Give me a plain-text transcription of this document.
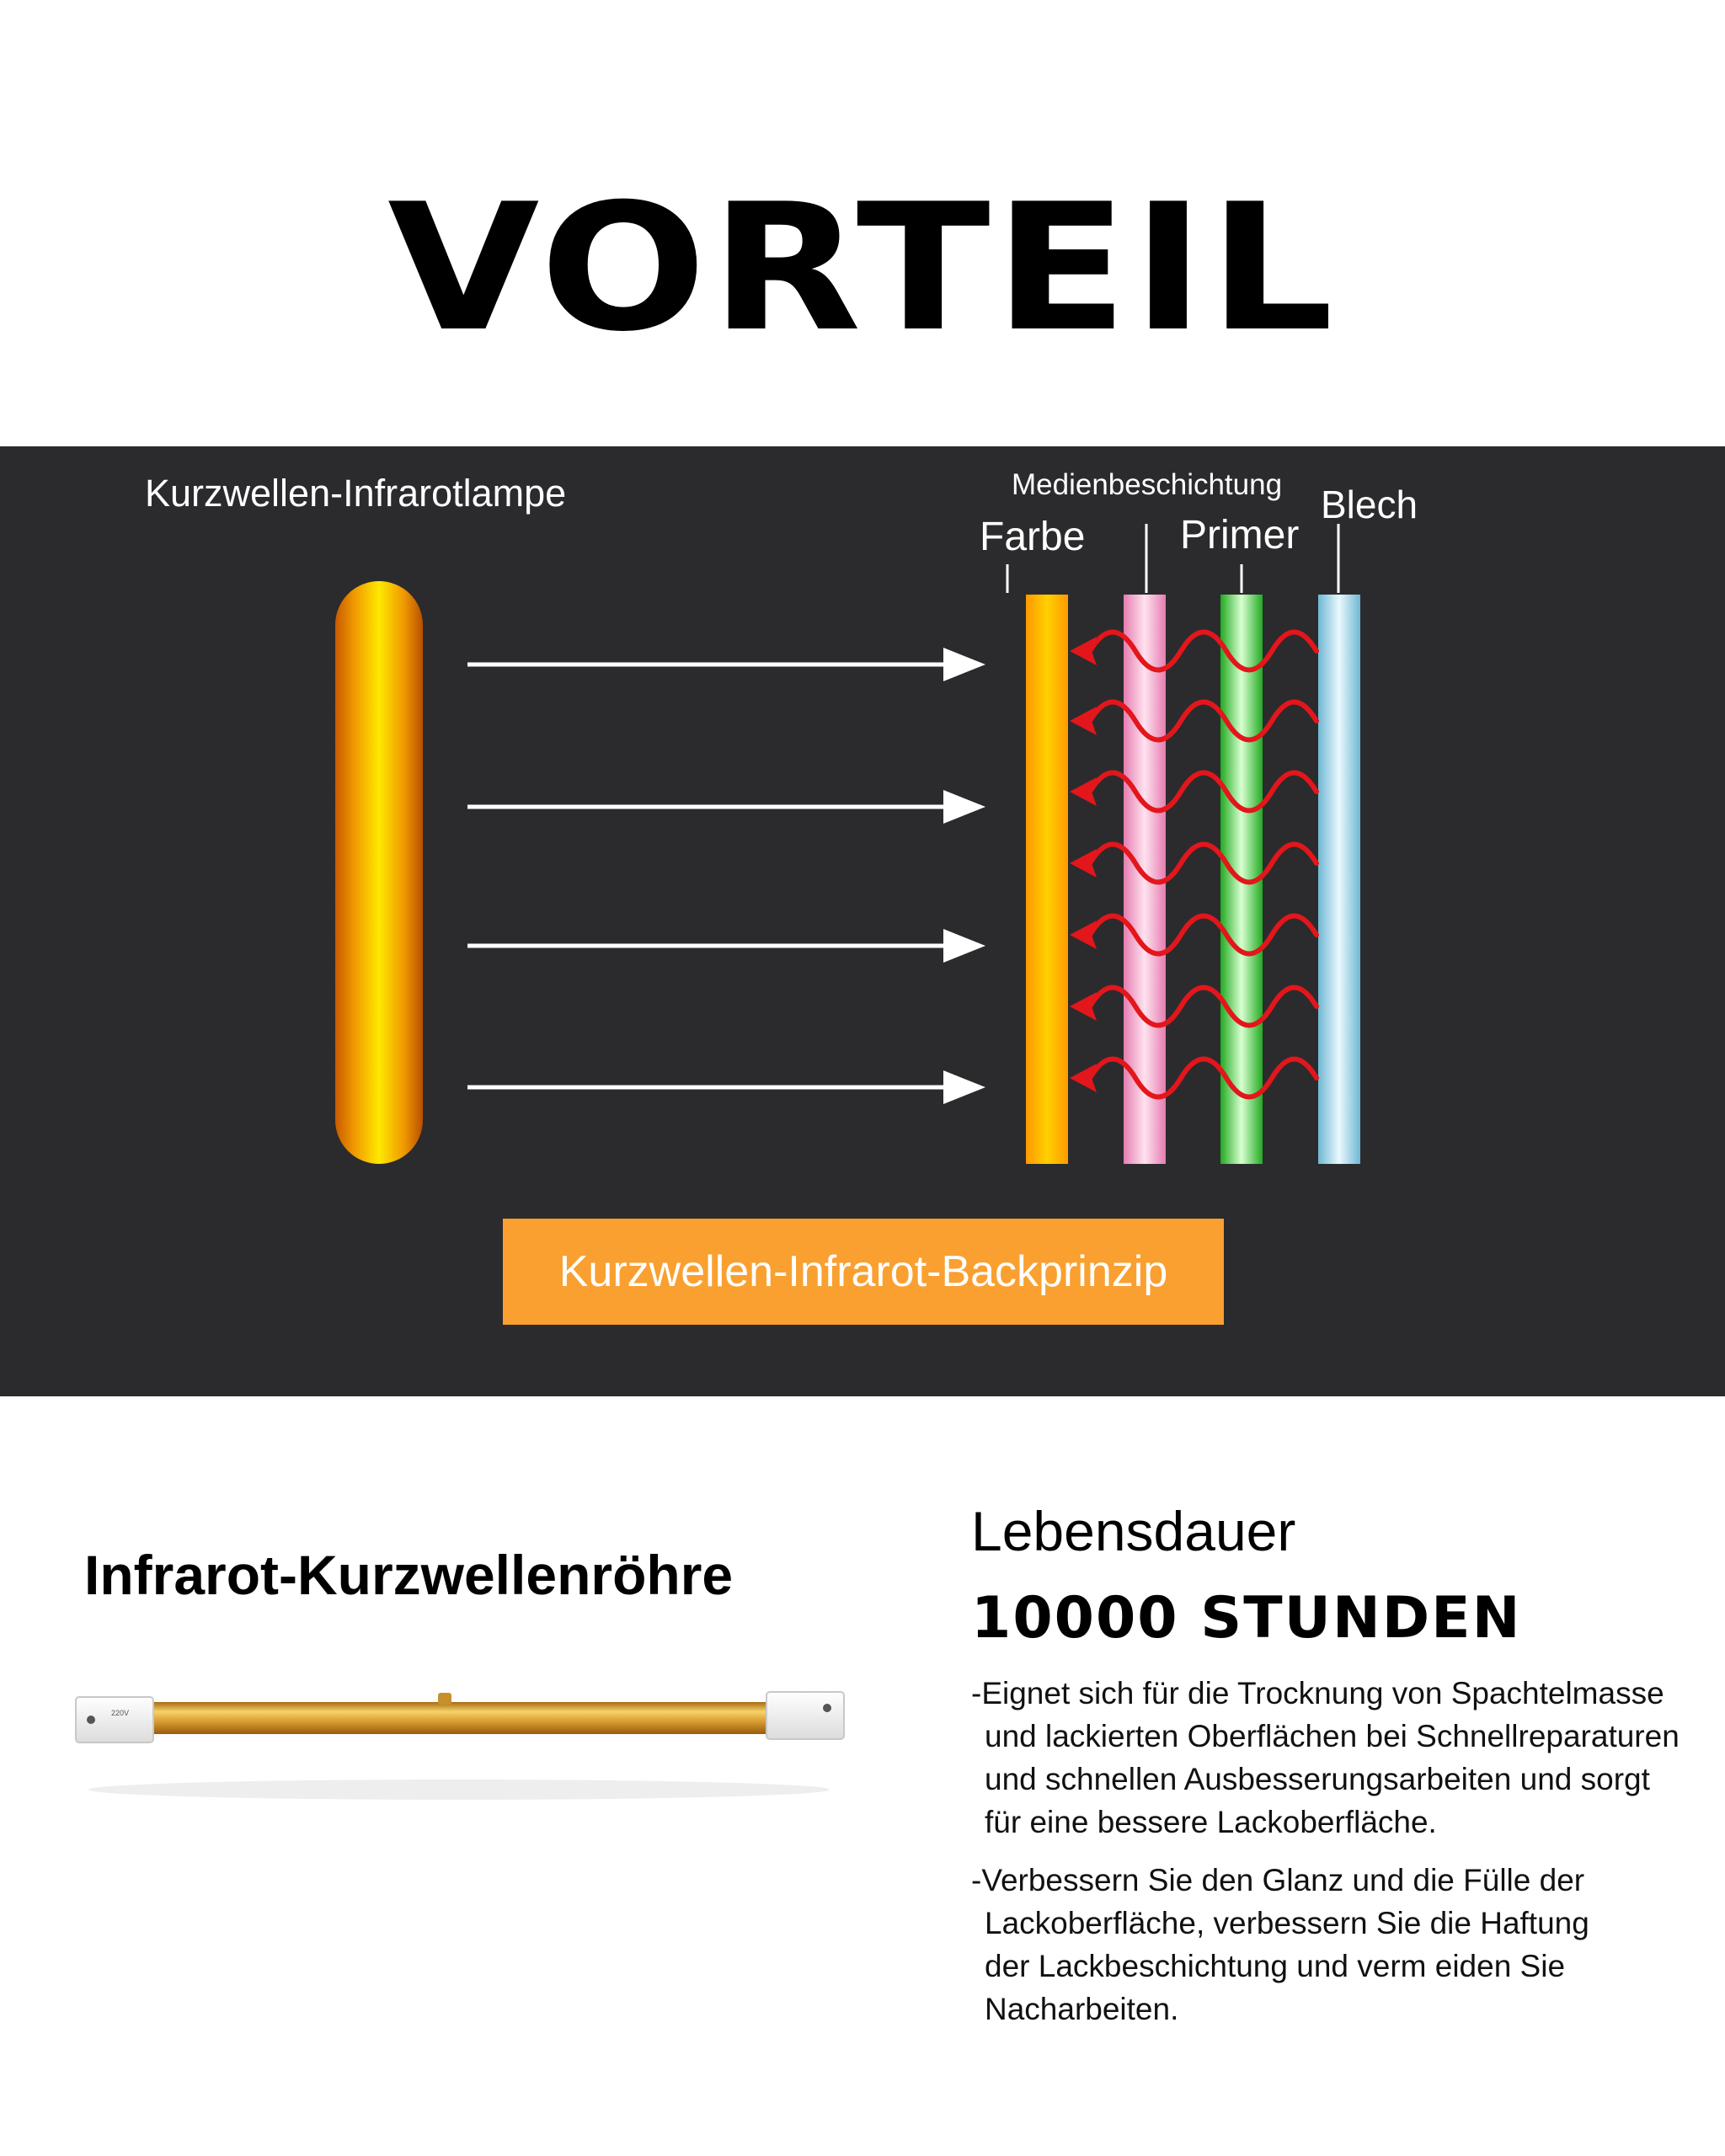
VORTEIL
Kurzwellen-Infrarotlampe	Medienbeschichtung Blech
Farbe Primer
Kurzwellen-Infrarot-Backprinzip
Infrarot-Kurzwellenröhre
220V
Lebensdauer
10000 STUNDEN
-Eignet sich für die Trocknung von Spachtelmasse
und lackierten Oberflächen bei Schnellreparaturen
und schnellen Ausbesserungsarbeiten und sorgt
für eine bessere Lackoberfläche.
-Verbessern Sie den Glanz und die Fülle der
Lackoberfläche, verbessern Sie die Haftung
der Lackbeschichtung und verm eiden Sie
Nacharbeiten.
